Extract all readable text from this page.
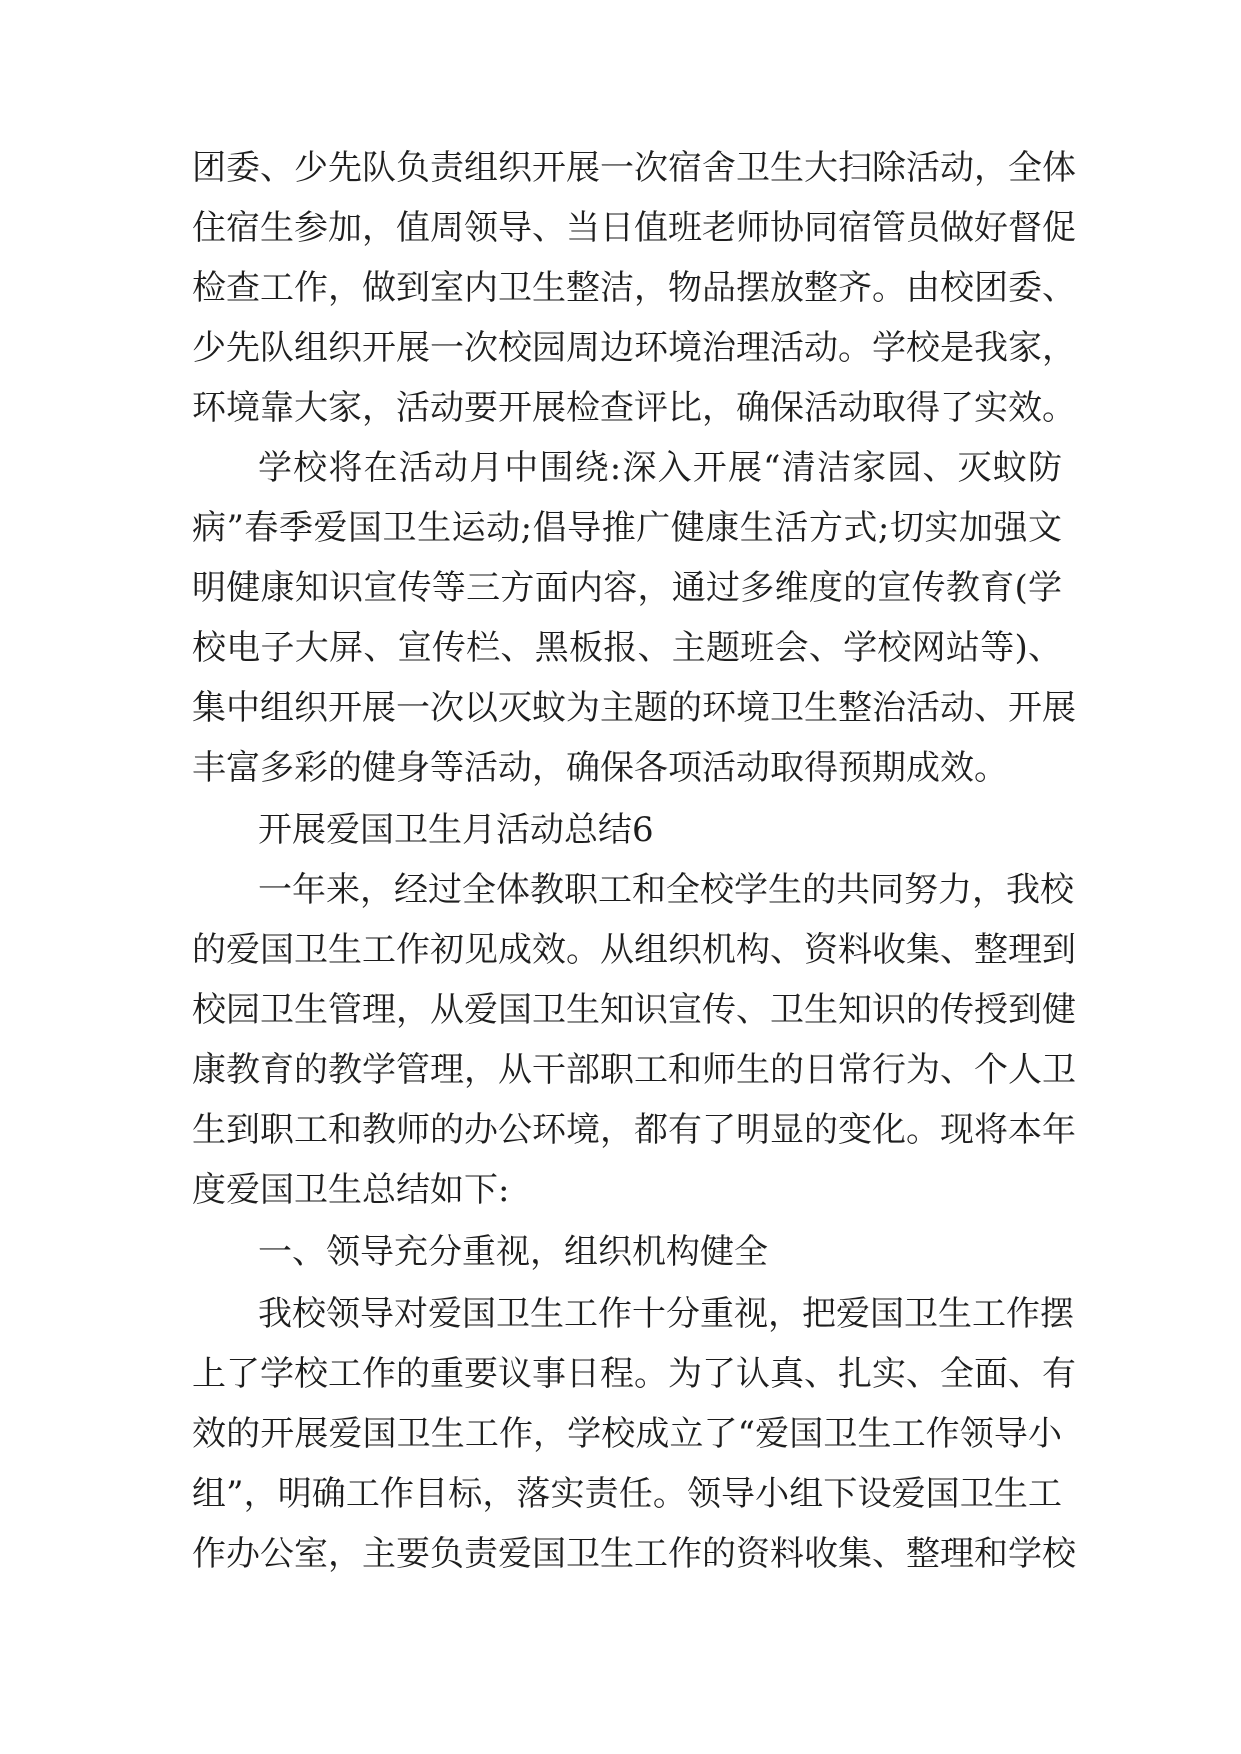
团委、少先队负责组织开展一次宿舍卫生大扫除活动，全体
住宿生参加，值周领导、当日值班老师协同宿管员做好督促
检查工作，做到室内卫生整洁，物品摆放整齐。由校团委、
少先队组织开展一次校园周边环境治理活动。学校是我家，
环境靠大家，活动要开展检查评比，确保活动取得了实效。
学校将在活动月中围绕:深入开展“清洁家园、灭蚊防
病”春季爱国卫生运动;倡导推广健康生活方式;切实加强文
明健康知识宣传等三方面内容，通过多维度的宣传教育(学
校电子大屏、宣传栏、黑板报、主题班会、学校网站等)、
集中组织开展一次以灭蚊为主题的环境卫生整治活动、开展
丰富多彩的健身等活动，确保各项活动取得预期成效。
开展爱国卫生月活动总结6
一年来，经过全体教职工和全校学生的共同努力，我校
的爱国卫生工作初见成效。从组织机构、资料收集、整理到
校园卫生管理，从爱国卫生知识宣传、卫生知识的传授到健
康教育的教学管理，从干部职工和师生的日常行为、个人卫
生到职工和教师的办公环境，都有了明显的变化。现将本年
度爱国卫生总结如下:
一、领导充分重视，组织机构健全
我校领导对爱国卫生工作十分重视，把爱国卫生工作摆
上了学校工作的重要议事日程。为了认真、扎实、全面、有
效的开展爱国卫生工作，学校成立了“爱国卫生工作领导小
组”，明确工作目标，落实责任。领导小组下设爱国卫生工
作办公室，主要负责爱国卫生工作的资料收集、整理和学校
